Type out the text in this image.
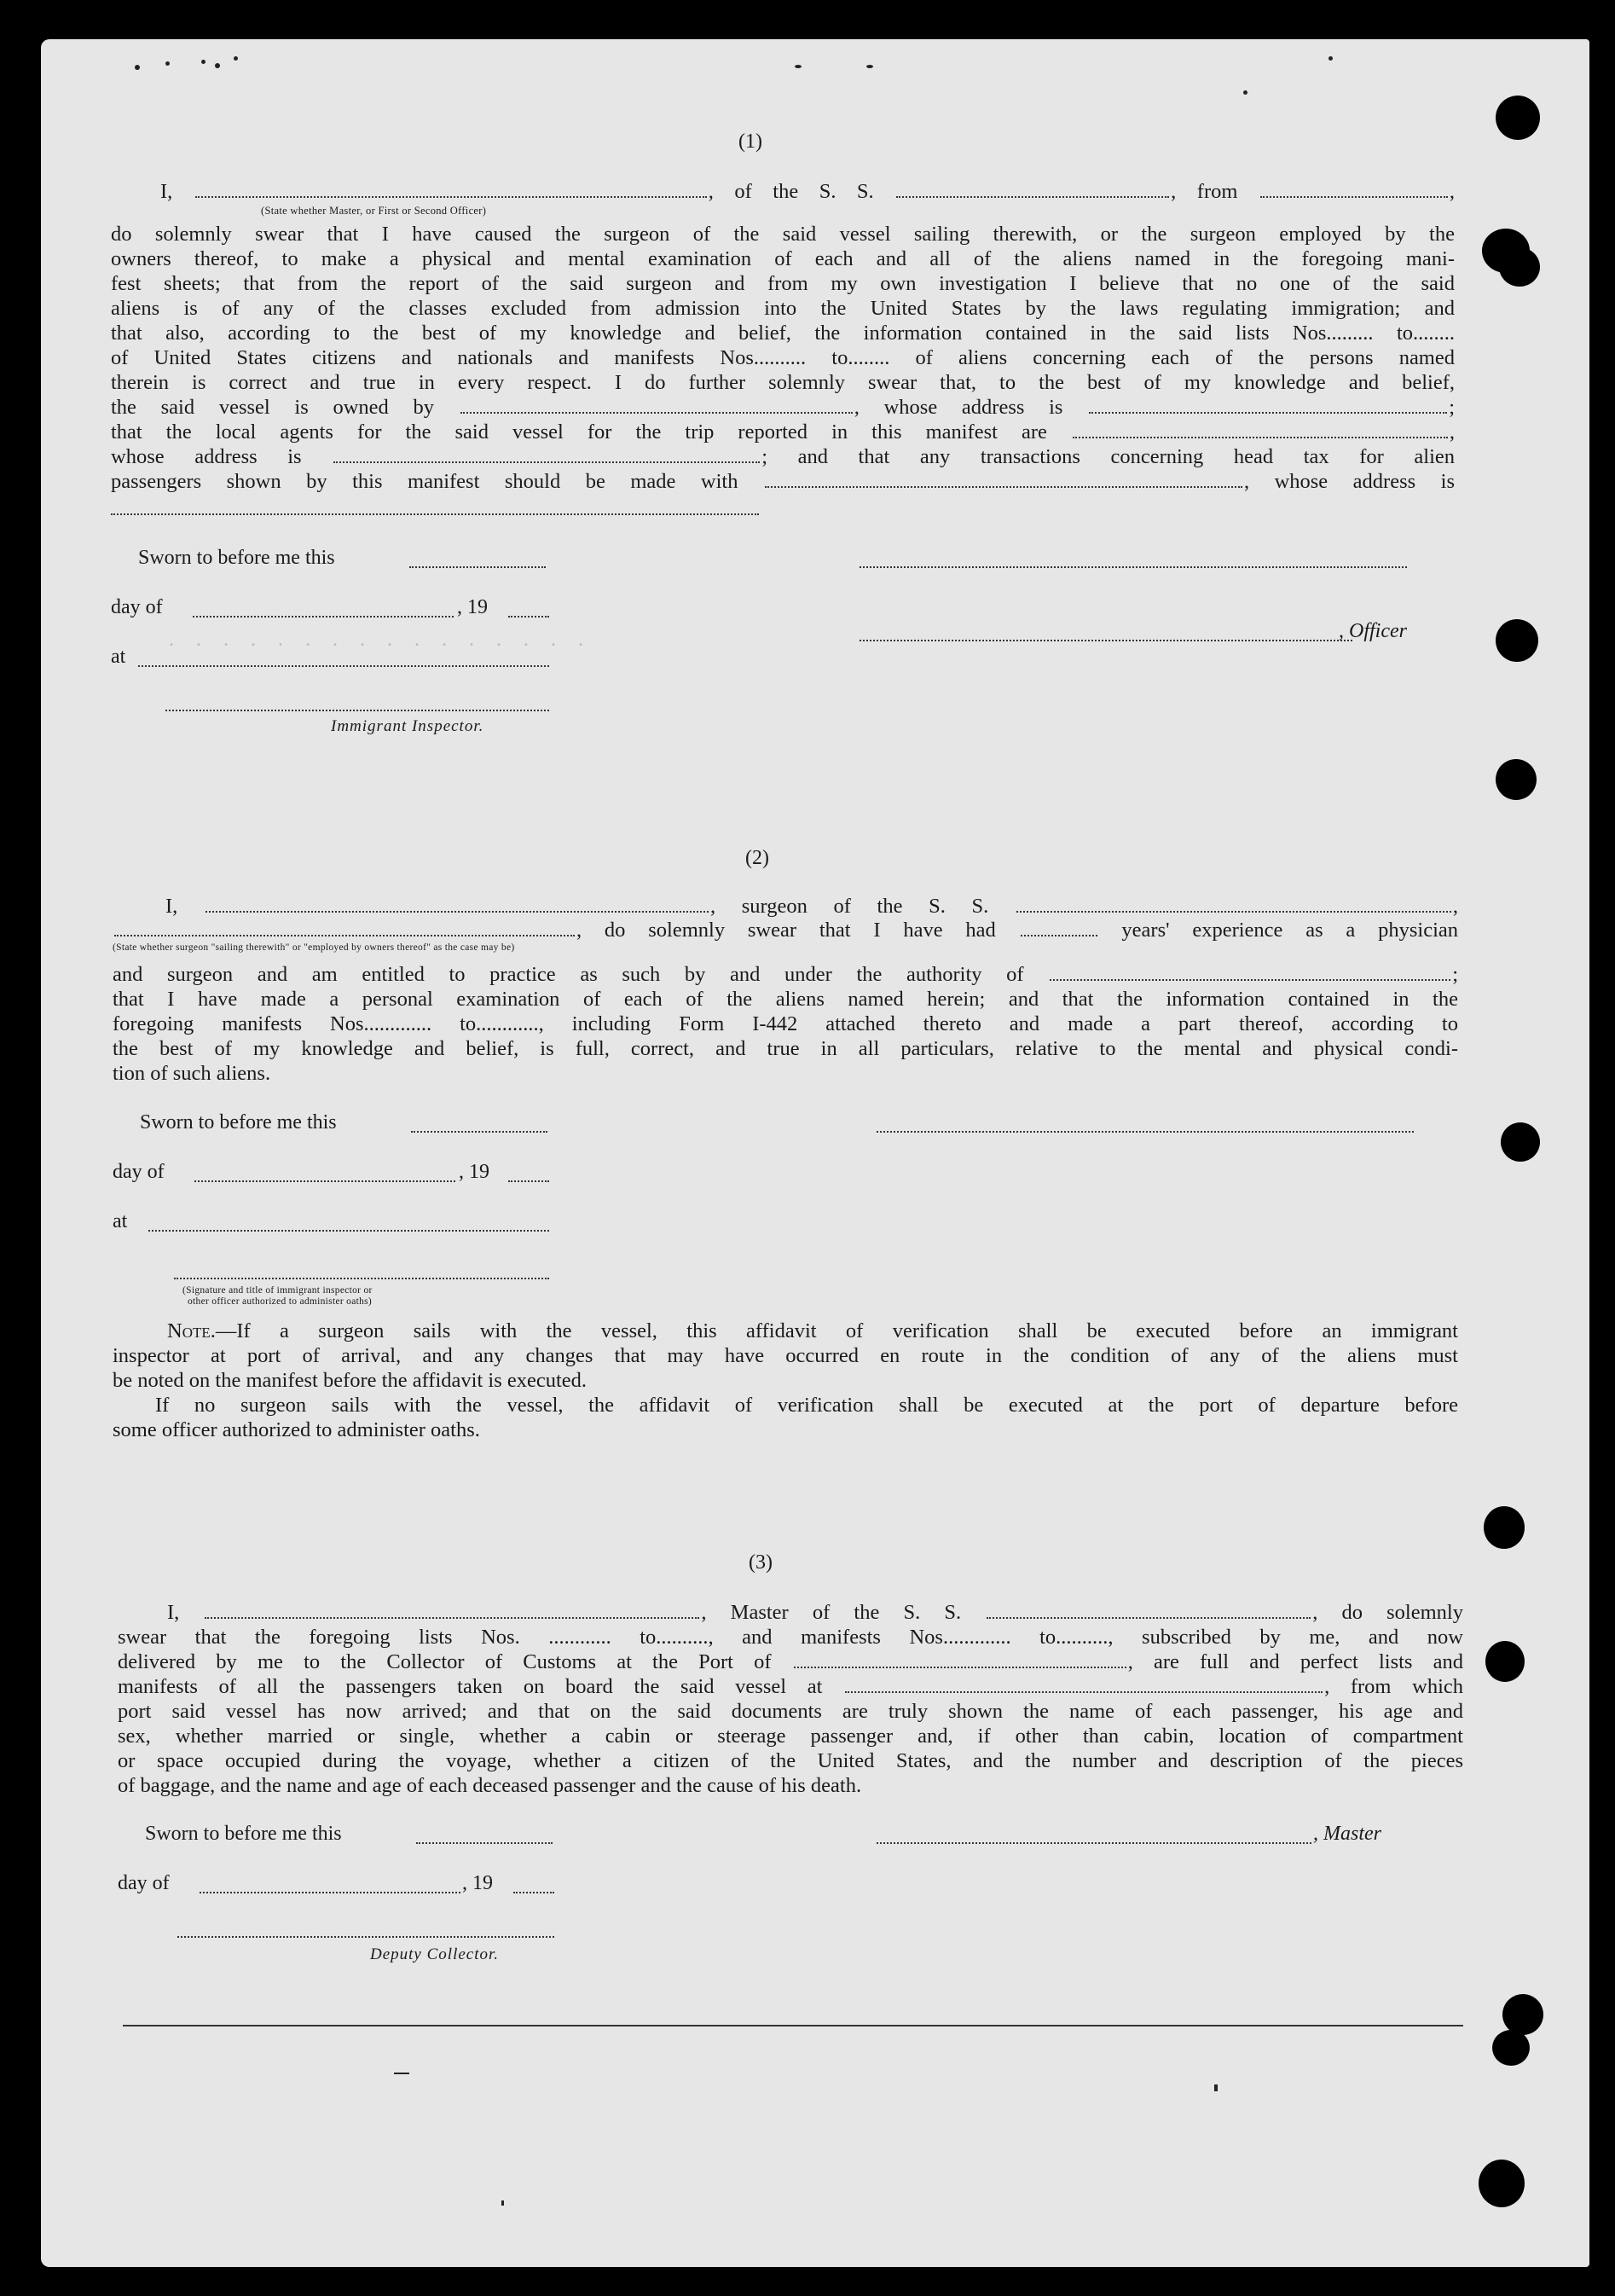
(1)
I,	, of the S. S.	, from	,
(State whether Master, or First or Second Officer)
do solemnly swear that I have caused the surgeon of the said vessel sailing therewith, or the surgeon employed by the
owners thereof, to make a physical and mental examination of each and all of the aliens named in the foregoing mani-
fest sheets; that from the report of the said surgeon and from my own investigation I believe that no one of the said
aliens is of any of the classes excluded from admission into the United States by the laws regulating immigration; and
that also, according to the best of my knowledge and belief, the information contained in the said lists Nos......... to........
of United States citizens and nationals and manifests Nos.......... to........ of aliens concerning each of the persons named
therein is correct and true in every respect. I do further solemnly swear that, to the best of my knowledge and belief,
the said vessel is owned by	, whose address is	;
that the local agents for the said vessel for the trip reported in this manifest are	,
whose address is	; and that any transactions concerning head tax for alien
passengers shown by this manifest should be made with	, whose address is
Sworn to before me this
day of	, 19
. . . . . . . . . . . . . . . .	, Officer
at
Immigrant Inspector.
(2)
I,	, surgeon of the S. S.	,
, do solemnly swear that I have had	years' experience as a physician
(State whether surgeon "sailing therewith" or "employed by owners thereof" as the case may be)
and surgeon and am entitled to practice as such by and under the authority of	;
that I have made a personal examination of each of the aliens named herein; and that the information contained in the
foregoing manifests Nos............. to............, including Form I-442 attached thereto and made a part thereof, according to
the best of my knowledge and belief, is full, correct, and true in all particulars, relative to the mental and physical condi-
tion of such aliens.
Sworn to before me this
day of	, 19
at
(Signature and title of immigrant inspector or
other officer authorized to administer oaths)
Note.—If a surgeon sails with the vessel, this affidavit of verification shall be executed before an immigrant
inspector at port of arrival, and any changes that may have occurred en route in the condition of any of the aliens must
be noted on the manifest before the affidavit is executed.
If no surgeon sails with the vessel, the affidavit of verification shall be executed at the port of departure before
some officer authorized to administer oaths.
(3)
I,	, Master of the S. S.	, do solemnly
swear that the foregoing lists Nos. ............ to.........., and manifests Nos............. to.........., subscribed by me, and now
delivered by me to the Collector of Customs at the Port of	, are full and perfect lists and
manifests of all the passengers taken on board the said vessel at	, from which
port said vessel has now arrived; and that on the said documents are truly shown the name of each passenger, his age and
sex, whether married or single, whether a cabin or steerage passenger and, if other than cabin, location of compartment
or space occupied during the voyage, whether a citizen of the United States, and the number and description of the pieces
of baggage, and the name and age of each deceased passenger and the cause of his death.
Sworn to before me this	, Master
day of	, 19
Deputy Collector.
